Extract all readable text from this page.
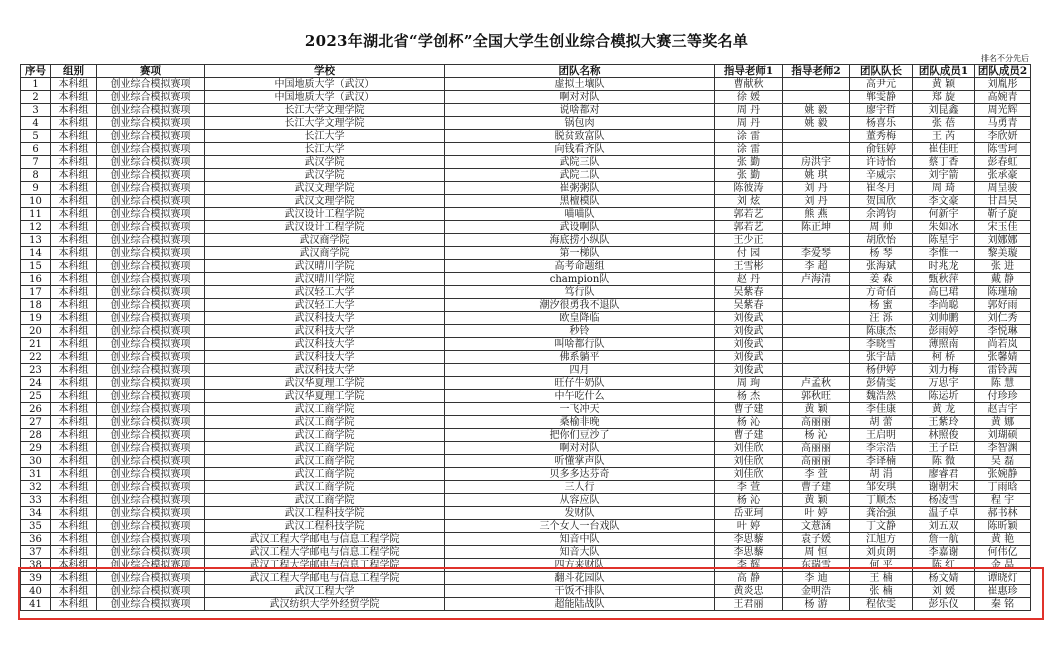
2023年湖北省“学创杯”全国大学生创业综合模拟大赛三等奖名单
排名不分先后
序号	组别	赛项	学校	团队名称	指导老师1	指导老师2	团队队长	团队成员1	团队成员2
1	本科组	创业综合模拟赛项	中国地质大学（武汉）	虚拟土壤队	曹献秋		高尹元	黄 颖	刘胤彤
2	本科组	创业综合模拟赛项	中国地质大学（武汉）	啊对对队	徐 媛		郸雯静	郑 旋	高婉青
3	本科组	创业综合模拟赛项	长江大学文理学院	说啥都对	周 丹	姚 毅	廖宇哲	刘昆鑫	周光辉
4	本科组	创业综合模拟赛项	长江大学文理学院	锅包肉	周 丹	姚 毅	杨喜乐	张 蓓	马勇青
5	本科组	创业综合模拟赛项	长江大学	脱贫致富队	涂 雷		董秀梅	王 芮	李欣妍
6	本科组	创业综合模拟赛项	长江大学	向钱看齐队	涂 雷		俞钰婷	崔佳旺	陈雪珂
7	本科组	创业综合模拟赛项	武汉学院	武院三队	张 勤	房洪宇	许诗怡	蔡丁香	彭春虹
8	本科组	创业综合模拟赛项	武汉学院	武院二队	张 勤	姚 琪	辛威宗	刘宇箭	张承豪
9	本科组	创业综合模拟赛项	武汉文理学院	崔粥粥队	陈彼涛	刘 丹	崔冬月	周 琦	周呈骏
10	本科组	创业综合模拟赛项	武汉文理学院	黑檀模队	刘 炫	刘 丹	贺国欣	李文豪	甘昌昊
11	本科组	创业综合模拟赛项	武汉设计工程学院	喵喵队	郭若艺	熊 燕	余鸿钧	何新宇	靳子旋
12	本科组	创业综合模拟赛项	武汉设计工程学院	武设啊队	郭若艺	陈正坤	周 帅	朱如冰	宋玉佳
13	本科组	创业综合模拟赛项	武汉商学院	海底捞小纵队	王少正		胡欣怡	陈星宇	刘娜娜
14	本科组	创业综合模拟赛项	武汉商学院	第一梯队	付 园	李爱琴	杨 琴	李惟一	黎美璇
15	本科组	创业综合模拟赛项	武汉晴川学院	高考命题组	王雪彬	李 超	张海斌	时兆龙	张 进
16	本科组	创业综合模拟赛项	武汉晴川学院	champion队	赵 丹	卢海清	姜 森	甄秋萍	戴 静
17	本科组	创业综合模拟赛项	武汉轻工大学	笃行队	吴紫春		方奇佰	高巳珺	陈瑾瑜
18	本科组	创业综合模拟赛项	武汉轻工大学	潮汐很勇我不退队	吴紫春		杨 蜜	李尚聪	郭好雨
19	本科组	创业综合模拟赛项	武汉科技大学	欧皇降临	刘俊武		汪 泺	刘帅鹏	刘仁秀
20	本科组	创业综合模拟赛项	武汉科技大学	秒铃	刘俊武		陈康杰	彭雨婷	李悦琳
21	本科组	创业综合模拟赛项	武汉科技大学	叫啥都行队	刘俊武		李晓雪	薄照南	尚若岚
22	本科组	创业综合模拟赛项	武汉科技大学	佛系躺平	刘俊武		张宇喆	柯 桥	张馨婧
23	本科组	创业综合模拟赛项	武汉科技大学	四月	刘俊武		杨伊婷	刘力梅	雷铃茜
24	本科组	创业综合模拟赛项	武汉华夏理工学院	旺仔牛奶队	周 珣	卢孟秋	彭倩雯	万思宇	陈 慧
25	本科组	创业综合模拟赛项	武汉华夏理工学院	中午吃什么	杨 杰	郭秋旺	魏浩然	陈运圻	付珍珍
26	本科组	创业综合模拟赛项	武汉工商学院	一飞冲天	曹子建	黄 颖	李佳康	黄 龙	赵吉宇
27	本科组	创业综合模拟赛项	武汉工商学院	桑榆非晚	杨 沁	高丽丽	胡 蕾	王紫玲	黄 娜
28	本科组	创业综合模拟赛项	武汉工商学院	把你们豆沙了	曹子建	杨 沁	王启明	林照俊	刘瑚硕
29	本科组	创业综合模拟赛项	武汉工商学院	啊对对队	刘佳欣	高丽丽	李宗浩	王子臣	李智渊
30	本科组	创业综合模拟赛项	武汉工商学院	听懂掌声队	刘佳欣	高丽丽	李译楠	陈 微	吴 磊
31	本科组	创业综合模拟赛项	武汉工商学院	贝多多达芬奇	刘佳欣	李 萱	胡 涓	廖睿君	张婉静
32	本科组	创业综合模拟赛项	武汉工商学院	三人行	李 萱	曹子建	邹安琪	谢朝宋	丁雨晗
33	本科组	创业综合模拟赛项	武汉工商学院	从容应队	杨 沁	黄 颖	丁顺杰	杨凌雪	程 宇
34	本科组	创业综合模拟赛项	武汉工程科技学院	发财队	岳亚珂	叶 婷	龚治强	温子卓	郝书林
35	本科组	创业综合模拟赛项	武汉工程科技学院	三个女人一台戏队	叶 婷	文薏涵	丁文静	刘五双	陈昕颖
36	本科组	创业综合模拟赛项	武汉工程大学邮电与信息工程学院	知音中队	李思藜	袁子媛	江旭方	詹一航	黄 艳
37	本科组	创业综合模拟赛项	武汉工程大学邮电与信息工程学院	知音大队	李思藜	周 恒	刘贞朗	李嘉谢	何伟亿
38	本科组	创业综合模拟赛项	武汉工程大学邮电与信息工程学院	四方来财队	李 辉	东瑞雪	何 平	陈 红	金 晶
39	本科组	创业综合模拟赛项	武汉工程大学邮电与信息工程学院	翻斗花园队	高 静	李 迪	王 楠	杨文婧	谭晓灯
40	本科组	创业综合模拟赛项	武汉工程大学	干饭不排队	黄炎忠	金明浩	张 楠	刘 媛	崔惠珍
41	本科组	创业综合模拟赛项	武汉纺织大学外经贸学院	超能陆战队	王君丽	杨 游	程依雯	彭乐仪	秦 铭
